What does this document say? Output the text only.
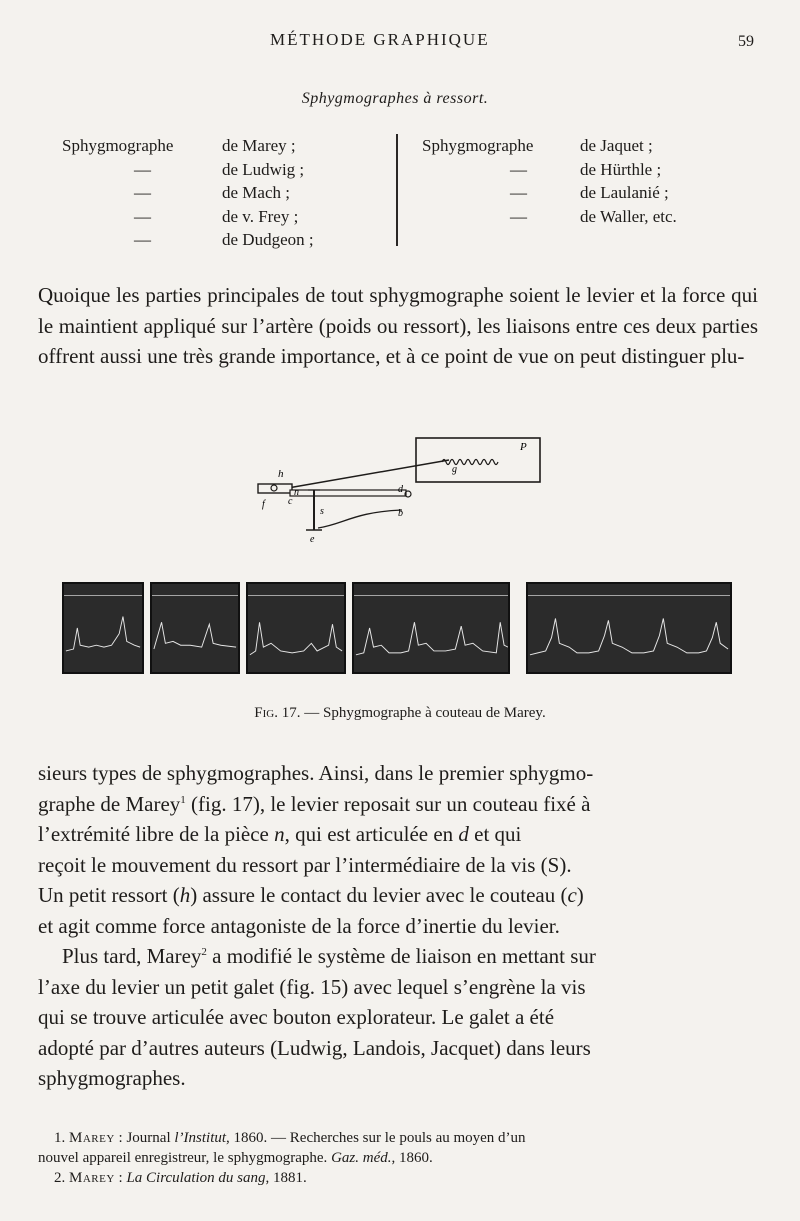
MÉTHODE GRAPHIQUE	59
Sphygmographes à ressort.
Sphygmographe	de Marey ;
—	de Ludwig ;
—	de Mach ;
—	de v. Frey ;
—	de Dudgeon ;
Sphygmographe	de Jaquet ;
—	de Hürthle ;
—	de Laulanié ;
—	de Waller, etc.
Quoique les parties principales de tout sphygmographe soient le levier et la force qui le maintient appliqué sur l’artère (poids ou ressort), les liaisons entre ces deux parties offrent aussi une très grande importance, et à ce point de vue on peut distinguer plu-
P
g
h
f c
n	d
s
e
b
Fig. 17. — Sphygmographe à couteau de Marey.
sieurs types de sphygmographes. Ainsi, dans le premier sphygmo-
graphe de Marey$^1$ (fig. 17), le levier reposait sur un couteau fixé à
l’extrémité libre de la pièce n, qui est articulée en d et qui
reçoit le mouvement du ressort par l’intermédiaire de la vis (S).
Un petit ressort (h) assure le contact du levier avec le couteau (c)
et agit comme force antagoniste de la force d’inertie du levier.
Plus tard, Marey$^2$ a modifié le système de liaison en mettant sur
l’axe du levier un petit galet (fig. 15) avec lequel s’engrène la vis
qui se trouve articulée avec bouton explorateur. Le galet a été
adopté par d’autres auteurs (Ludwig, Landois, Jacquet) dans leurs
sphygmographes.
1. Marey : Journal l’Institut, 1860. — Recherches sur le pouls au moyen d’un
nouvel appareil enregistreur, le sphygmographe. Gaz. méd., 1860.
2. Marey : La Circulation du sang, 1881.
